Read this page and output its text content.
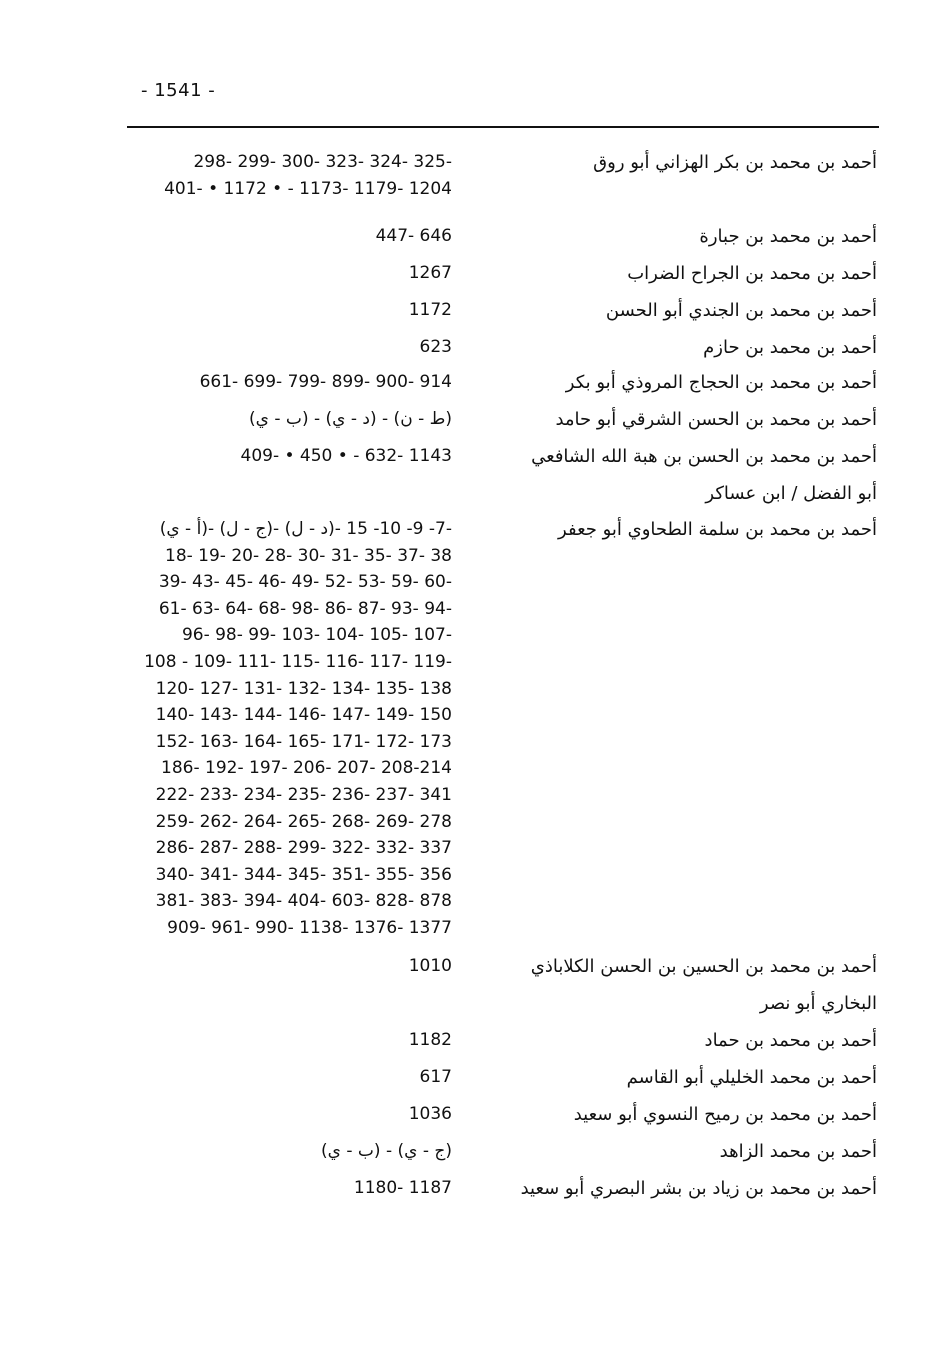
- 1541 -
أحمد بن محمد بن بكر الهزاني أبو روق
298- 299- 300- 323- 324- 325-
401- • 1172 • - 1173- 1179- 1204
أحمد بن محمد بن جبارة
447- 646
أحمد بن محمد بن الجراح الضراب
1267
أحمد بن محمد بن الجندي أبو الحسن
1172
أحمد بن محمد بن حازم
623
أحمد بن محمد بن الحجاج المروذي أبو بكر
661- 699- 799- 899- 900- 914
أحمد بن محمد بن الحسن الشرقي أبو حامد
(ب - ي) - (د - ي) - (ط - ن)
أحمد بن محمد بن الحسن بن هبة الله الشافعي
409- • 450 • - 632- 1143
أبو الفضل / ابن عساكر
أحمد بن محمد بن سلمة الطحاوي أبو جعفر
(أ - ي)- (ج - ل)- (د - ل)- 7- 9- 10- 15-
18- 19- 20- 28- 30- 31- 35- 37- 38
39- 43- 45- 46- 49- 52- 53- 59- 60-
61- 63- 64- 68- 98- 86- 87- 93- 94-
96- 98- 99- 103- 104- 105- 107-
108 - 109- 111- 115- 116- 117- 119-
120- 127- 131- 132- 134- 135- 138
140- 143- 144- 146- 147- 149- 150
152- 163- 164- 165- 171- 172- 173
186- 192- 197- 206- 207- 208-214
222- 233- 234- 235- 236- 237- 341
259- 262- 264- 265- 268- 269- 278
286- 287- 288- 299- 322- 332- 337
340- 341- 344- 345- 351- 355- 356
381- 383- 394- 404- 603- 828- 878
909- 961- 990- 1138- 1376- 1377
أحمد بن محمد بن الحسين بن الحسن الكلاباذي
1010
البخاري أبو نصر
أحمد بن محمد بن حماد
1182
أحمد بن محمد الخليلي أبو القاسم
617
أحمد بن محمد بن رميح النسوي أبو سعيد
1036
أحمد بن محمد الزاهد
(ب - ي) - (ج - ي)
أحمد بن محمد بن زياد بن بشر البصري أبو سعيد
1180- 1187
